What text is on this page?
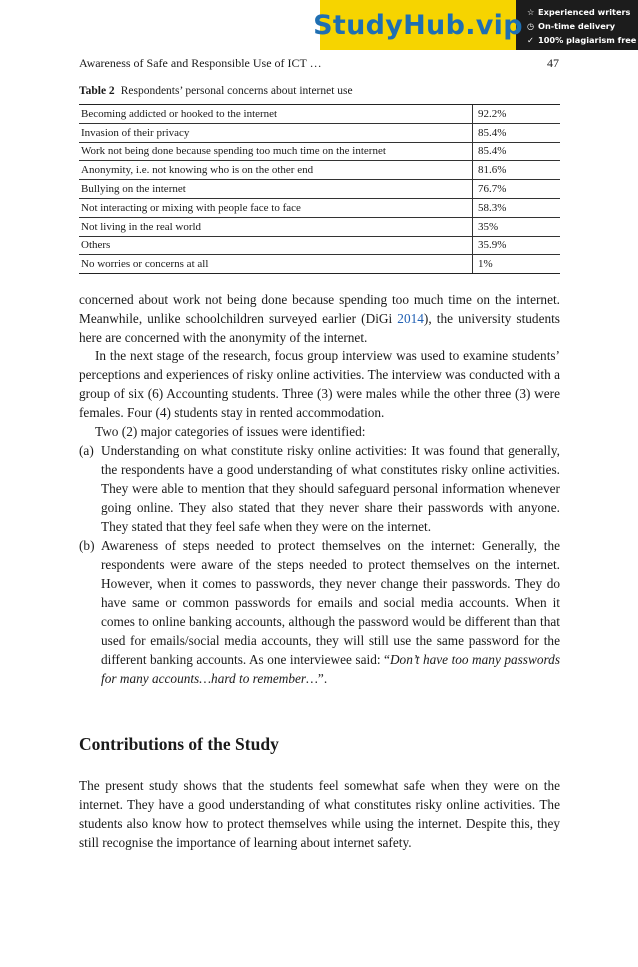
Awareness of Safe and Responsible Use of ICT …	47
StudyHub.vip ☆ Experienced writers
◷ On-time delivery
✓ 100% plagiarism free
Table 2 Respondents’ personal concerns about internet use
Becoming addicted or hooked to the internet	92.2%
Invasion of their privacy	85.4%
Work not being done because spending too much time on the internet	85.4%
Anonymity, i.e. not knowing who is on the other end	81.6%
Bullying on the internet	76.7%
Not interacting or mixing with people face to face	58.3%
Not living in the real world	35%
Others	35.9%
No worries or concerns at all	1%
concerned about work not being done because spending too much time on the internet. Meanwhile, unlike schoolchildren surveyed earlier (DiGi 2014), the university students here are concerned with the anonymity of the internet.
In the next stage of the research, focus group interview was used to examine students’ perceptions and experiences of risky online activities. The interview was conducted with a group of six (6) Accounting students. Three (3) were males while the other three (3) were females. Four (4) students stay in rented accommodation.
Two (2) major categories of issues were identified:
(a) Understanding on what constitute risky online activities: It was found that generally, the respondents have a good understanding of what constitutes risky online activities. They were able to mention that they should safeguard personal information whenever going online. They also stated that they never share their passwords with anyone. They stated that they feel safe when they were on the internet.
(b) Awareness of steps needed to protect themselves on the internet: Generally, the respondents were aware of the steps needed to protect themselves on the internet. However, when it comes to passwords, they never change their passwords. They do have same or common passwords for emails and social media accounts. When it comes to online banking accounts, although the password would be different than that used for emails/social media accounts, they will still use the same password for the different banking accounts. As one interviewee said: “Don’t have too many passwords for many accounts…hard to remember…”.
Contributions of the Study
The present study shows that the students feel somewhat safe when they were on the internet. They have a good understanding of what constitutes risky online activities. The students also know how to protect themselves while using the internet. Despite this, they still recognise the importance of learning about internet safety.
